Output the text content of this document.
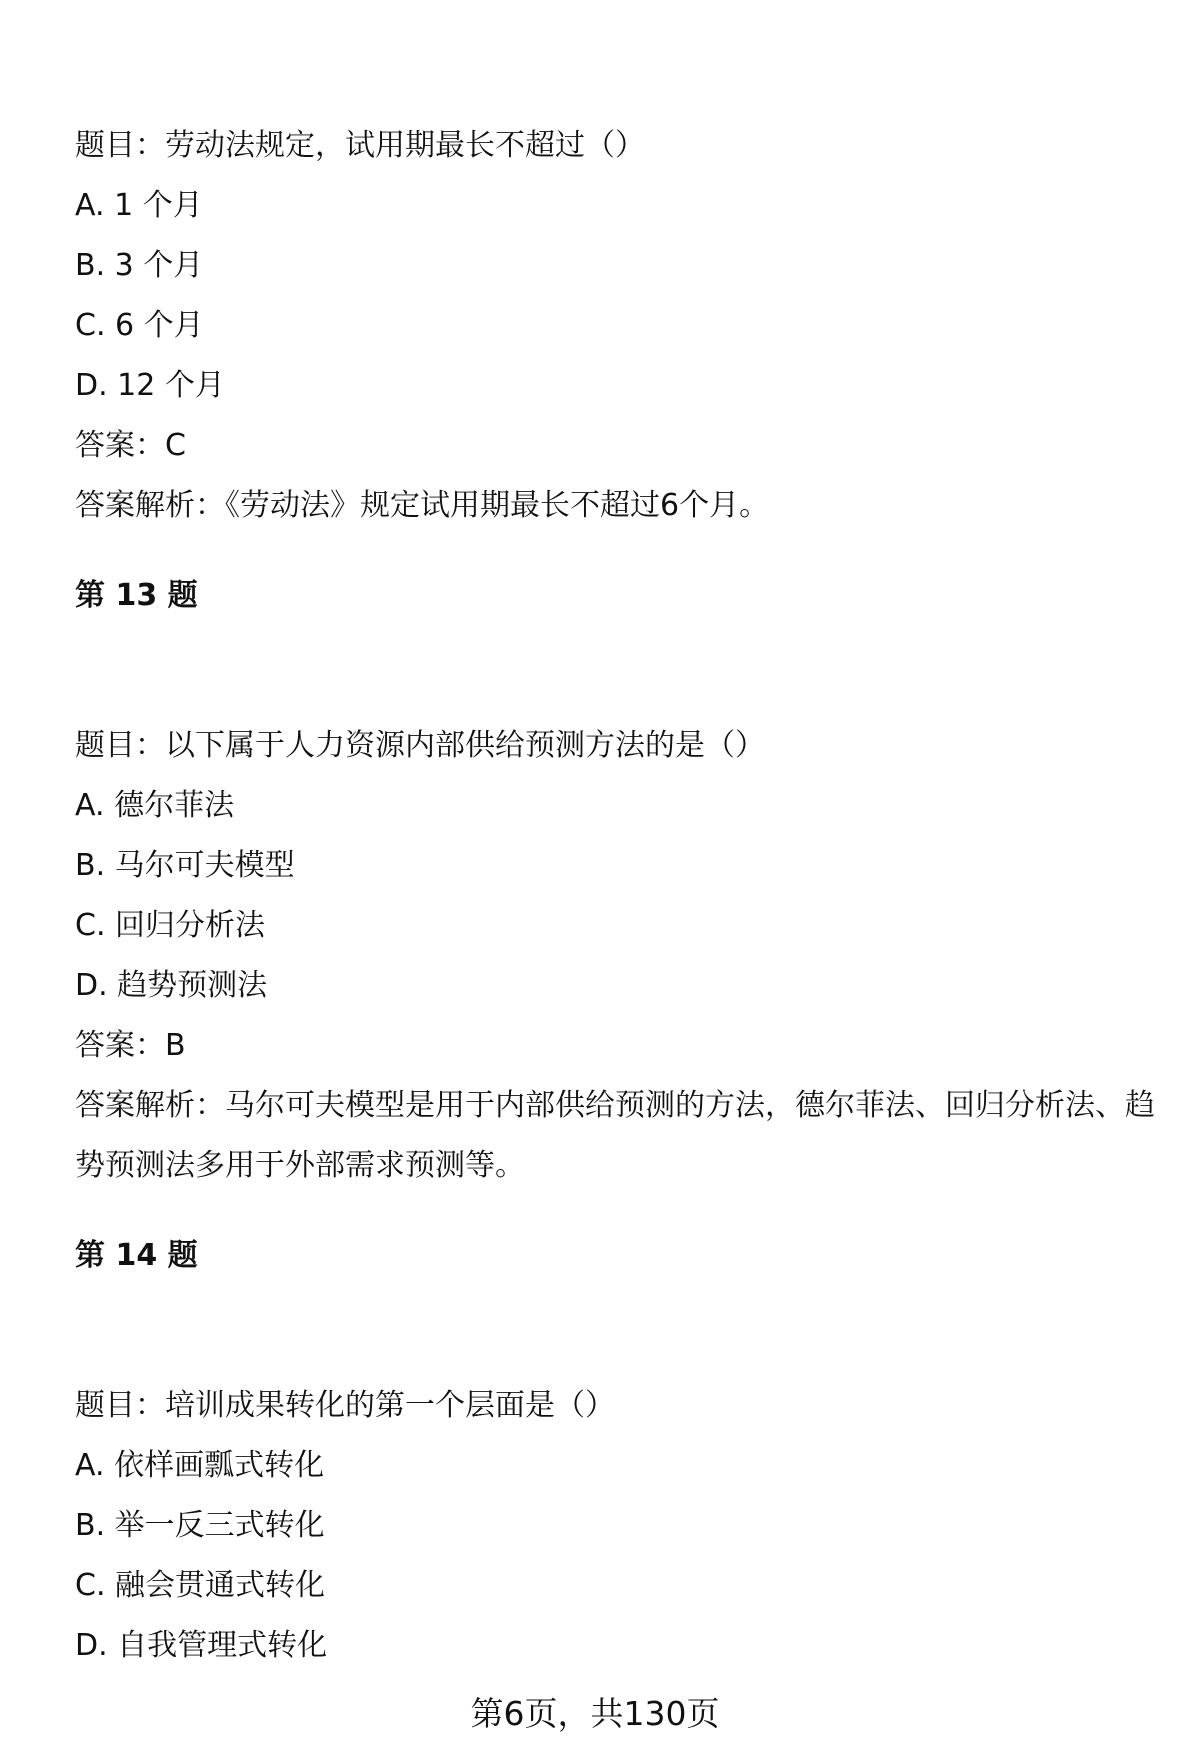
题目：劳动法规定，试用期最长不超过（）
A. 1 个月
B. 3 个月
C. 6 个月
D. 12 个月
答案：C
答案解析：《劳动法》规定试用期最长不超过6个月。
第 13 题
题目：以下属于人力资源内部供给预测方法的是（）
A. 德尔菲法
B. 马尔可夫模型
C. 回归分析法
D. 趋势预测法
答案：B
答案解析：马尔可夫模型是用于内部供给预测的方法，德尔菲法、回归分析法、趋势预测法多用于外部需求预测等。
第 14 题
题目：培训成果转化的第一个层面是（）
A. 依样画瓢式转化
B. 举一反三式转化
C. 融会贯通式转化
D. 自我管理式转化
第6页，共130页
